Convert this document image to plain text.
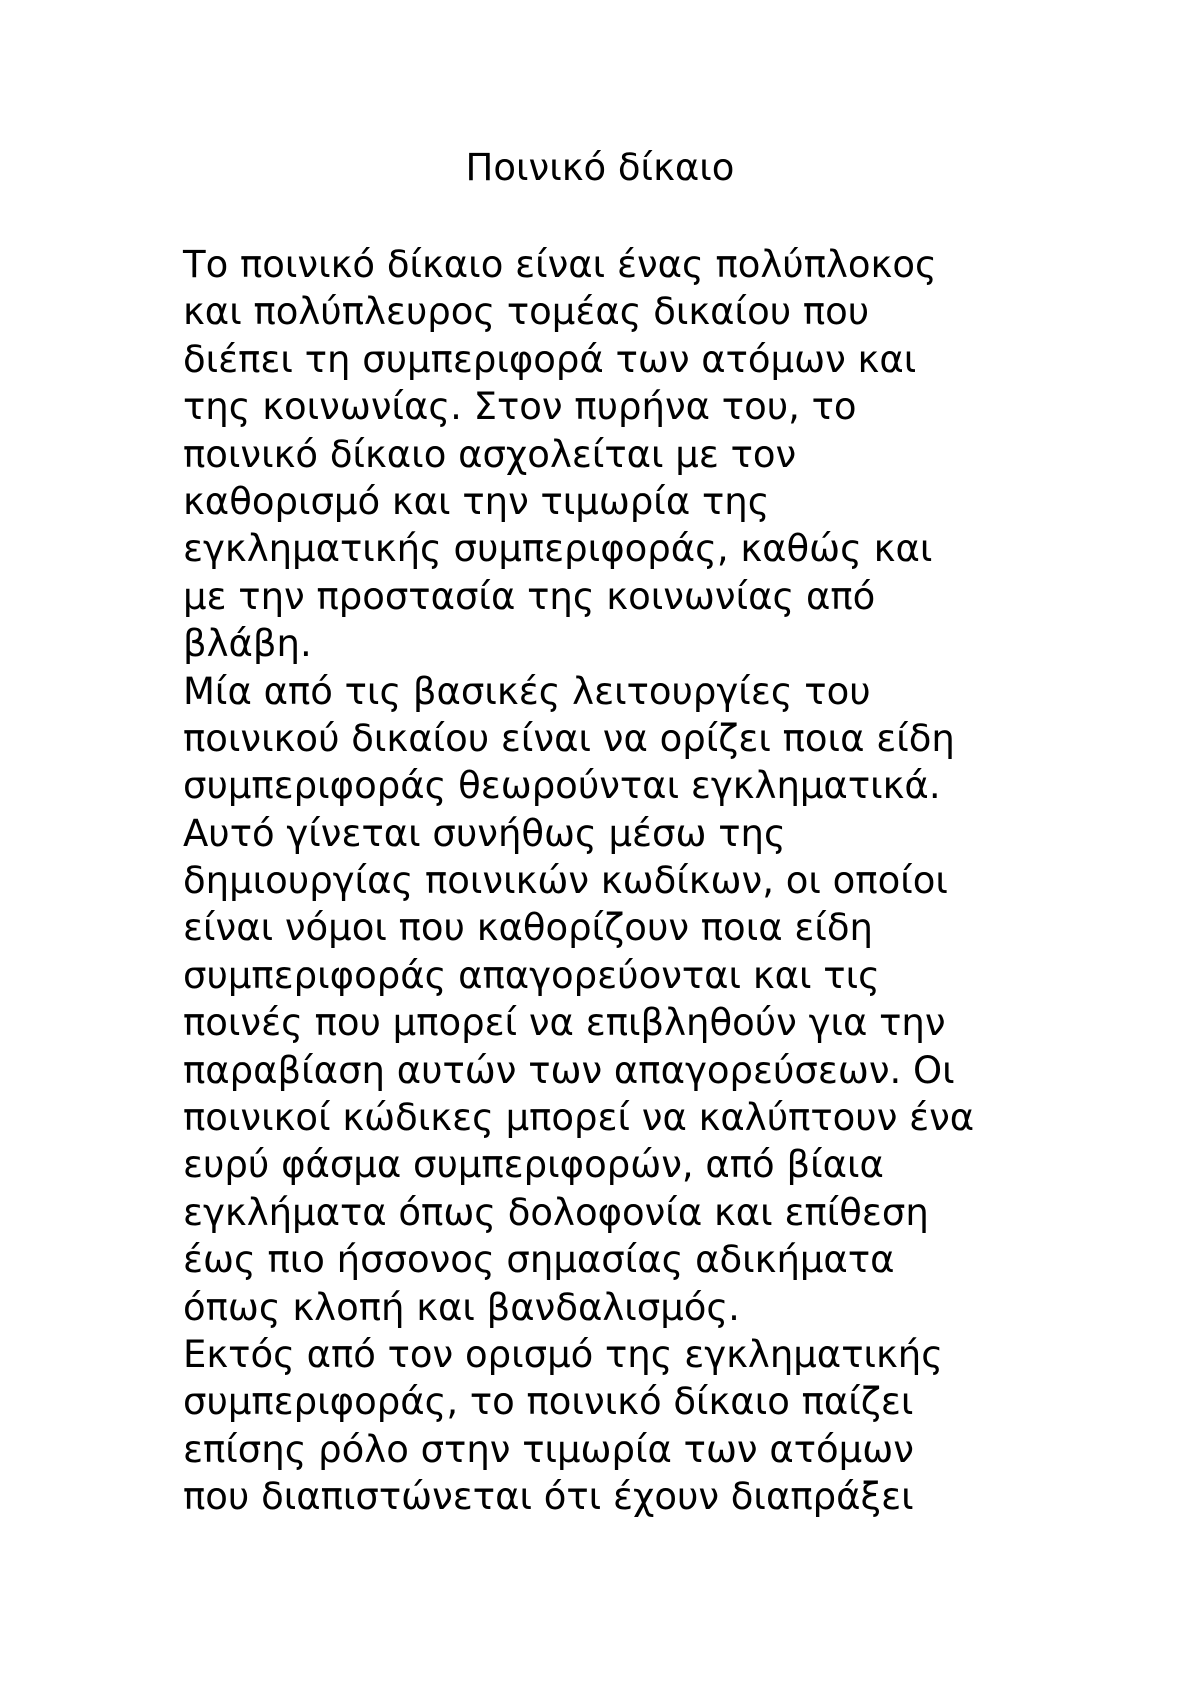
Ποινικό δίκαιο
Το ποινικό δίκαιο είναι ένας πολύπλοκος
και πολύπλευρος τομέας δικαίου που
διέπει τη συμπεριφορά των ατόμων και
της κοινωνίας. Στον πυρήνα του, το
ποινικό δίκαιο ασχολείται με τον
καθορισμό και την τιμωρία της
εγκληματικής συμπεριφοράς, καθώς και
με την προστασία της κοινωνίας από
βλάβη.
Μία από τις βασικές λειτουργίες του
ποινικού δικαίου είναι να ορίζει ποια είδη
συμπεριφοράς θεωρούνται εγκληματικά.
Αυτό γίνεται συνήθως μέσω της
δημιουργίας ποινικών κωδίκων, οι οποίοι
είναι νόμοι που καθορίζουν ποια είδη
συμπεριφοράς απαγορεύονται και τις
ποινές που μπορεί να επιβληθούν για την
παραβίαση αυτών των απαγορεύσεων. Οι
ποινικοί κώδικες μπορεί να καλύπτουν ένα
ευρύ φάσμα συμπεριφορών, από βίαια
εγκλήματα όπως δολοφονία και επίθεση
έως πιο ήσσονος σημασίας αδικήματα
όπως κλοπή και βανδαλισμός.
Εκτός από τον ορισμό της εγκληματικής
συμπεριφοράς, το ποινικό δίκαιο παίζει
επίσης ρόλο στην τιμωρία των ατόμων
που διαπιστώνεται ότι έχουν διαπράξει
